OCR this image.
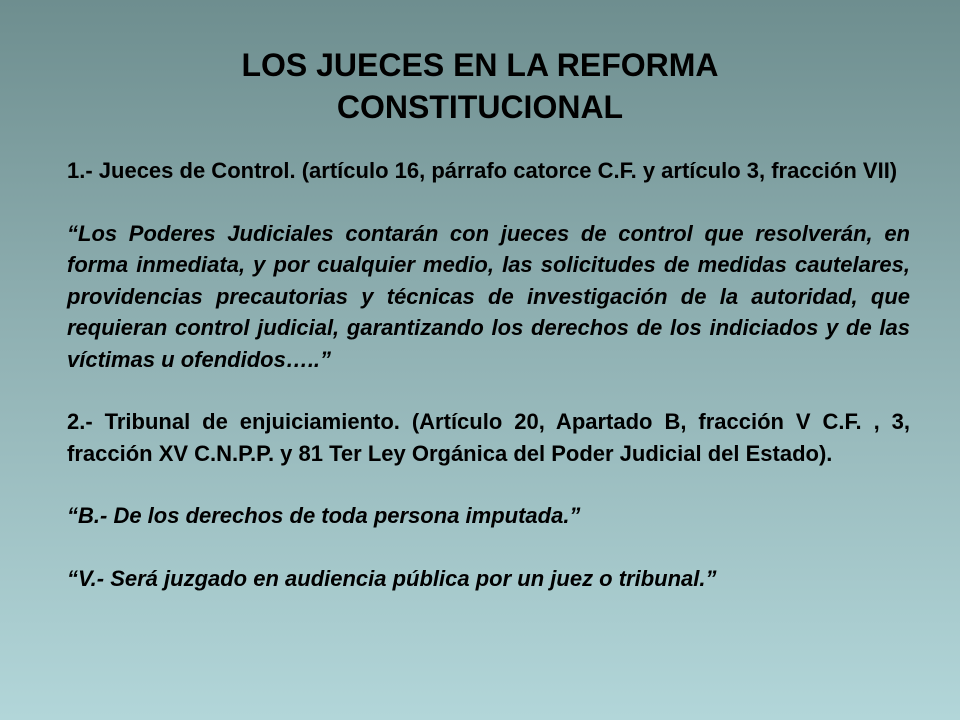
LOS JUECES EN LA REFORMA
CONSTITUCIONAL

1.- Jueces de Control. (artículo 16, párrafo catorce C.F. y artículo 3, fracción VII)

“Los Poderes Judiciales contarán con jueces de control que resolverán, en forma inmediata, y por cualquier medio, las solicitudes de medidas cautelares, providencias precautorias y técnicas de investigación de la autoridad, que requieran control judicial, garantizando los derechos de los indiciados y de las víctimas u ofendidos…..”

2.- Tribunal de enjuiciamiento. (Artículo 20, Apartado B, fracción V C.F. , 3, fracción XV C.N.P.P. y 81 Ter Ley Orgánica del Poder Judicial del Estado).

“B.- De los derechos de toda persona imputada.”

“V.- Será juzgado en audiencia pública por un juez o tribunal.”
